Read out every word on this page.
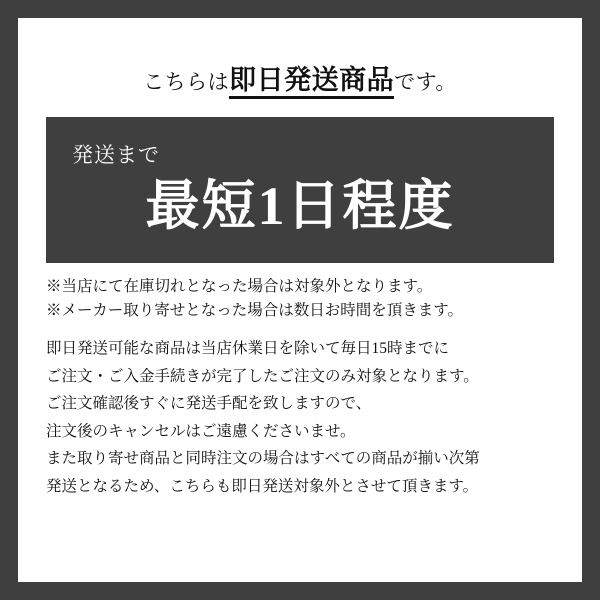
こちらは即日発送商品です。
発送まで
最短1日程度
※当店にて在庫切れとなった場合は対象外となります。
※メーカー取り寄せとなった場合は数日お時間を頂きます。
即日発送可能な商品は当店休業日を除いて毎日15時までに
ご注文・ご入金手続きが完了したご注文のみ対象となります。
ご注文確認後すぐに発送手配を致しますので、
注文後のキャンセルはご遠慮くださいませ。
また取り寄せ商品と同時注文の場合はすべての商品が揃い次第
発送となるため、こちらも即日発送対象外とさせて頂きます。
